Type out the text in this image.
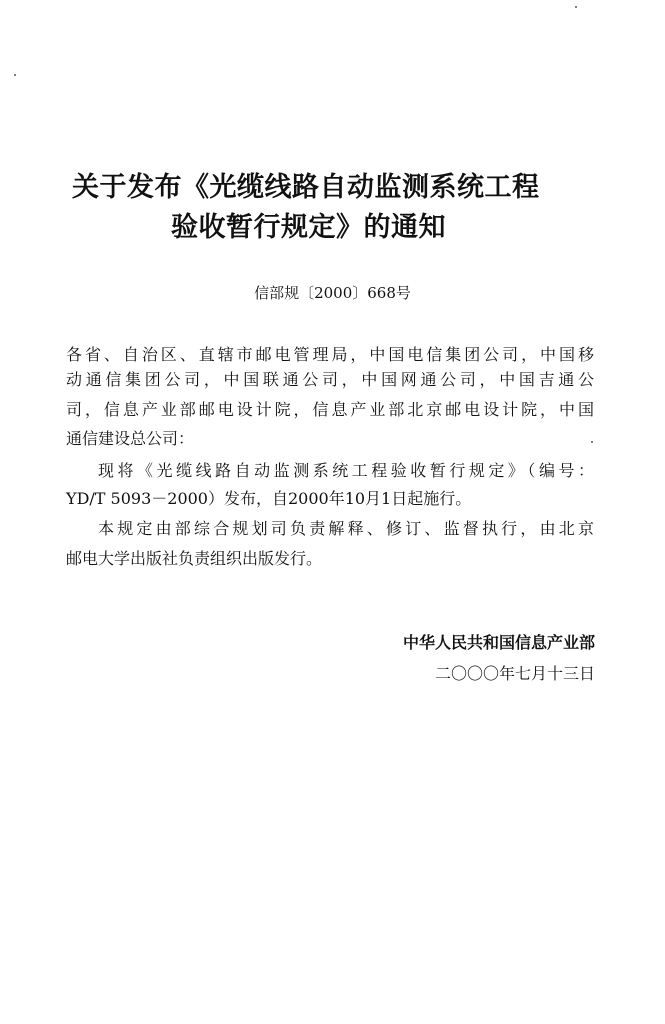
关于发布《光缆线路自动监测系统工程
验收暂行规定》的通知
信部规〔2000〕668号
各省、自治区、直辖市邮电管理局，中国电信集团公司，中国移
动通信集团公司，中国联通公司，中国网通公司，中国吉通公
司，信息产业部邮电设计院，信息产业部北京邮电设计院，中国
通信建设总公司：
现将《光缆线路自动监测系统工程验收暂行规定》（编号：
YD/T 5093－2000）发布，自2000年10月1日起施行。
本规定由部综合规划司负责解释、修订、监督执行，由北京
邮电大学出版社负责组织出版发行。
中华人民共和国信息产业部
二〇〇〇年七月十三日
